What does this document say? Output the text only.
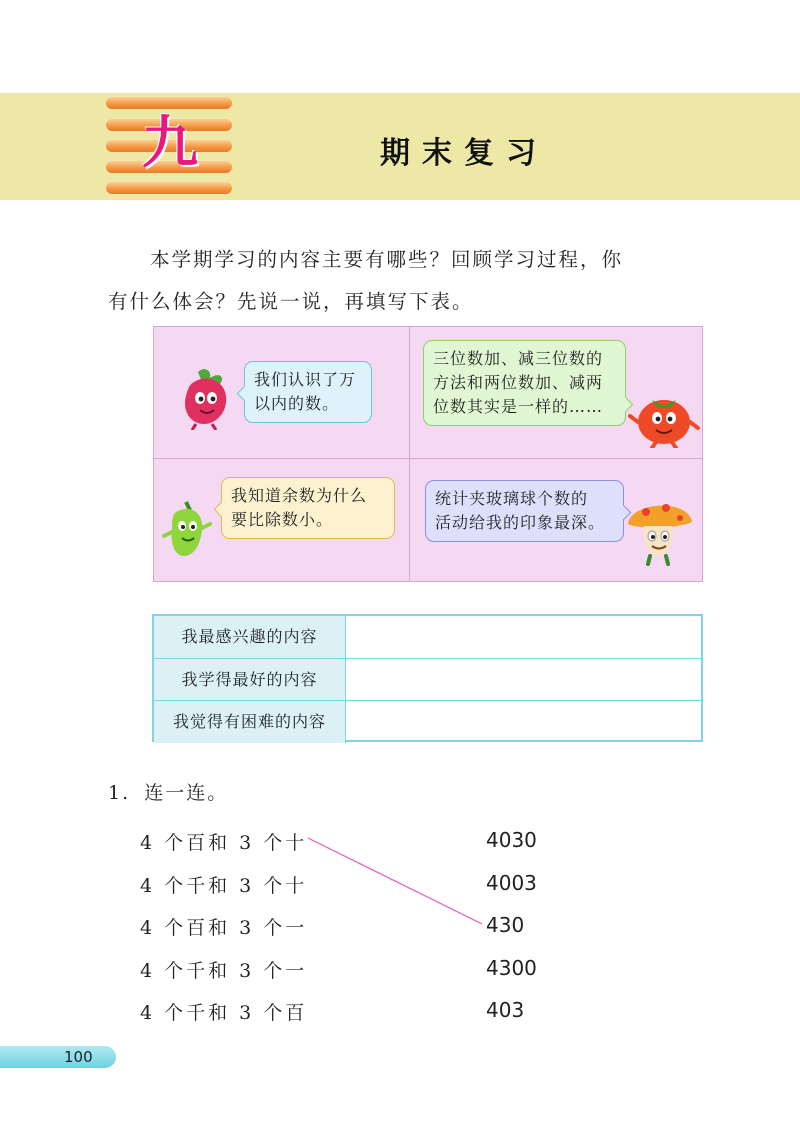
九	期末复习
本学期学习的内容主要有哪些？回顾学习过程，你
有什么体会？先说一说，再填写下表。
我们认识了万
以内的数。
三位数加、减三位数的
方法和两位数加、减两
位数其实是一样的……
我知道余数为什么
要比除数小。
统计夹玻璃球个数的
活动给我的印象最深。
我最感兴趣的内容
我学得最好的内容
我觉得有困难的内容
1. 连一连。
4 个百和 3 个十
4 个千和 3 个十
4 个百和 3 个一
4 个千和 3 个一
4 个千和 3 个百
4030
4003
430
4300
403
100
